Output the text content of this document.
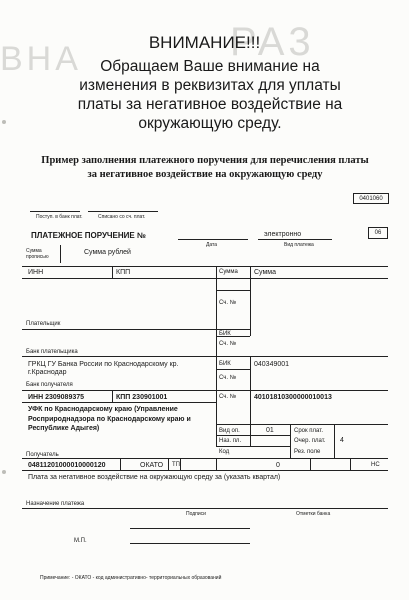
PA3
BHA	ВНИМАНИЕ!!!
Обращаем Ваше внимание на
изменения в реквизитах для уплаты
платы за негативное воздействие на
окружающую среду.
Пример заполнения платежного поручения для перечисления платы
за негативное воздействие на окружающую среду
0401060
Поступ. в банк плат.	Списано со сч. плат.
ПЛАТЕЖНОЕ ПОРУЧЕНИЕ №
Дата
электронно
Вид платежа
06
Сумма прописью
Сумма рублей
ИНН	КПП	Сумма Сумма
Сч. №
Плательщик
БИК
Сч. №
Банк плательщика
ГРКЦ ГУ Банка России по Краснодарскому кр.
г.Краснодар
БИК	040349001
Сч. №
Банк получателя
ИНН 2309089375	КПП 230901001	Сч. №	40101810300000010013
УФК по Краснодарскому краю (Управление
Росприроднадзора по Краснодарскому краю и
Республике Адыгея)	Вид оп.	01	Срок плат.
Наз. пл.	Очер. плат. 4
Код	Рез. поле
Получатель
04811201000010000120	ОКАТО ТП	0	НС
Плата за негативное воздействие на окружающую среду за (указать квартал)
Назначение платежа
Подписи	Отметки банка
М.П.
Примечание: - ОКАТО - код административно- территориальных образований
